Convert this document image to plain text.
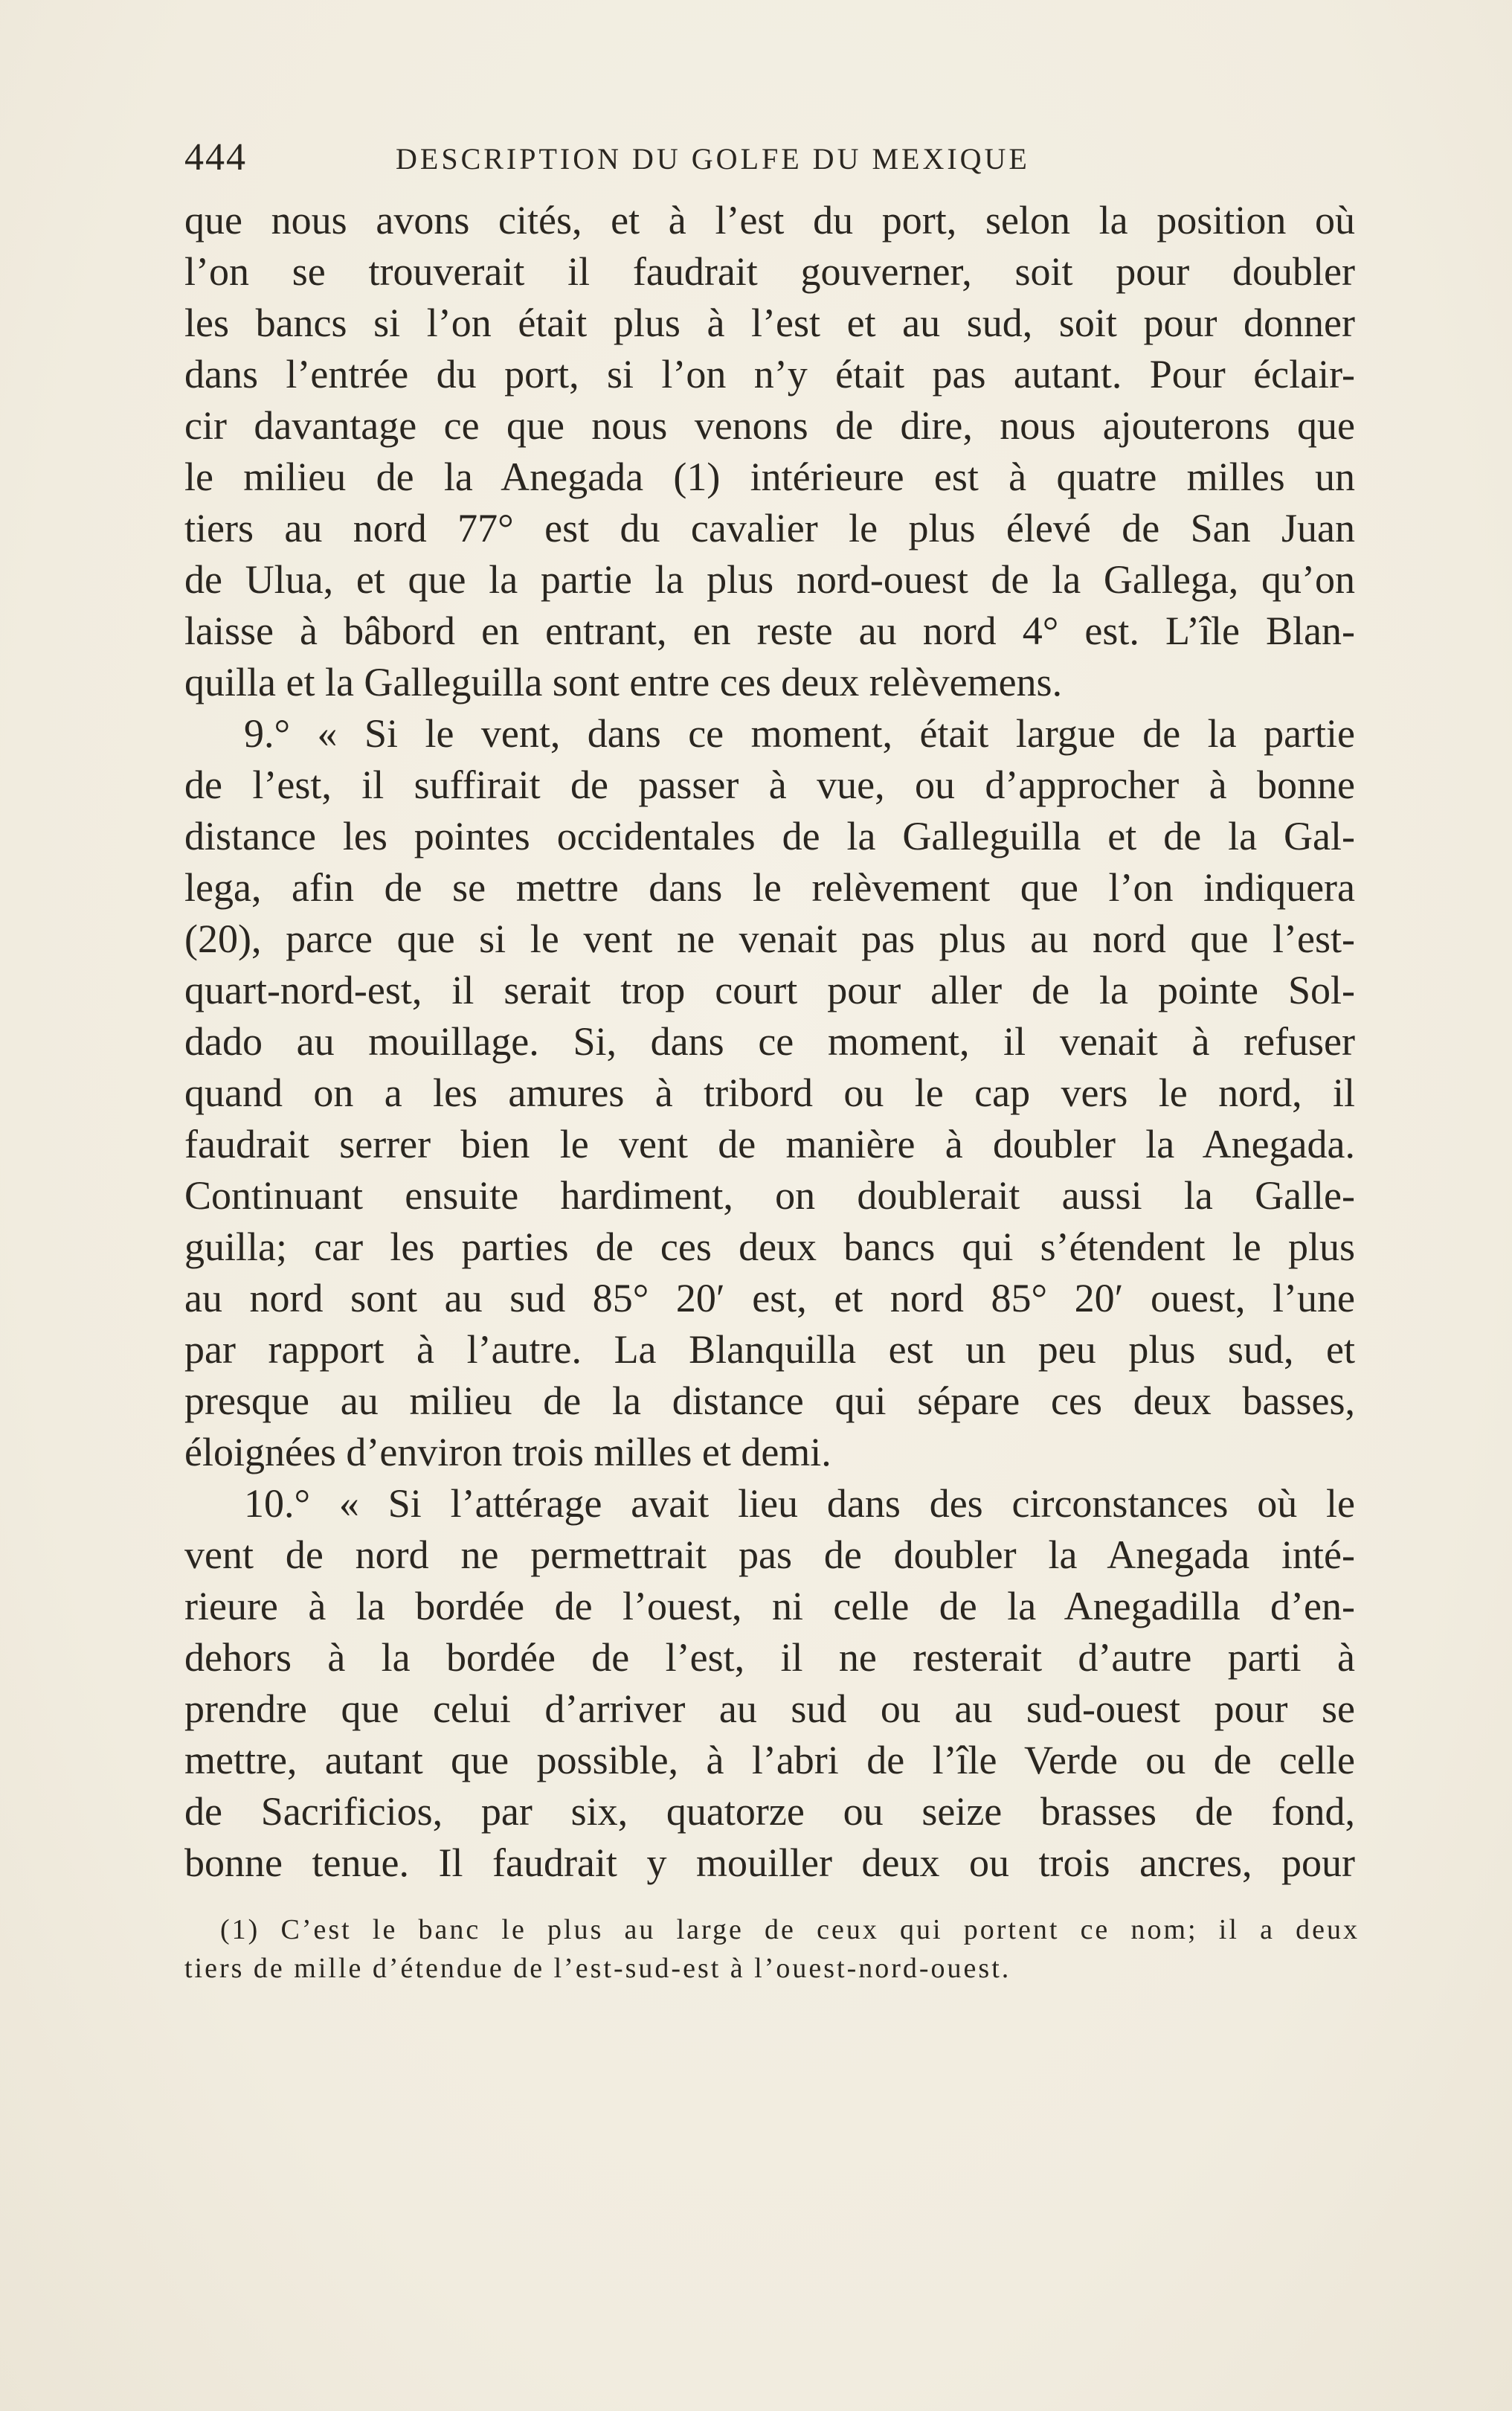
444	DESCRIPTION DU GOLFE DU MEXIQUE
que nous avons cités, et à l’est du port, selon la position où
l’on se trouverait il faudrait gouverner, soit pour doubler
les bancs si l’on était plus à l’est et au sud, soit pour donner
dans l’entrée du port, si l’on n’y était pas autant. Pour éclair-
cir davantage ce que nous venons de dire, nous ajouterons que
le milieu de la Anegada (1) intérieure est à quatre milles un
tiers au nord 77° est du cavalier le plus élevé de San Juan
de Ulua, et que la partie la plus nord-ouest de la Gallega, qu’on
laisse à bâbord en entrant, en reste au nord 4° est. L’île Blan-
quilla et la Galleguilla sont entre ces deux relèvemens.
9.° « Si le vent, dans ce moment, était largue de la partie
de l’est, il suffirait de passer à vue, ou d’approcher à bonne
distance les pointes occidentales de la Galleguilla et de la Gal-
lega, afin de se mettre dans le relèvement que l’on indiquera
(20), parce que si le vent ne venait pas plus au nord que l’est-
quart-nord-est, il serait trop court pour aller de la pointe Sol-
dado au mouillage. Si, dans ce moment, il venait à refuser
quand on a les amures à tribord ou le cap vers le nord, il
faudrait serrer bien le vent de manière à doubler la Anegada.
Continuant ensuite hardiment, on doublerait aussi la Galle-
guilla; car les parties de ces deux bancs qui s’étendent le plus
au nord sont au sud 85° 20′ est, et nord 85° 20′ ouest, l’une
par rapport à l’autre. La Blanquilla est un peu plus sud, et
presque au milieu de la distance qui sépare ces deux basses,
éloignées d’environ trois milles et demi.
10.° « Si l’attérage avait lieu dans des circonstances où le
vent de nord ne permettrait pas de doubler la Anegada inté-
rieure à la bordée de l’ouest, ni celle de la Anegadilla d’en-
dehors à la bordée de l’est, il ne resterait d’autre parti à
prendre que celui d’arriver au sud ou au sud-ouest pour se
mettre, autant que possible, à l’abri de l’île Verde ou de celle
de Sacrificios, par six, quatorze ou seize brasses de fond,
bonne tenue. Il faudrait y mouiller deux ou trois ancres, pour
(1) C’est le banc le plus au large de ceux qui portent ce nom; il a deux
tiers de mille d’étendue de l’est-sud-est à l’ouest-nord-ouest.
